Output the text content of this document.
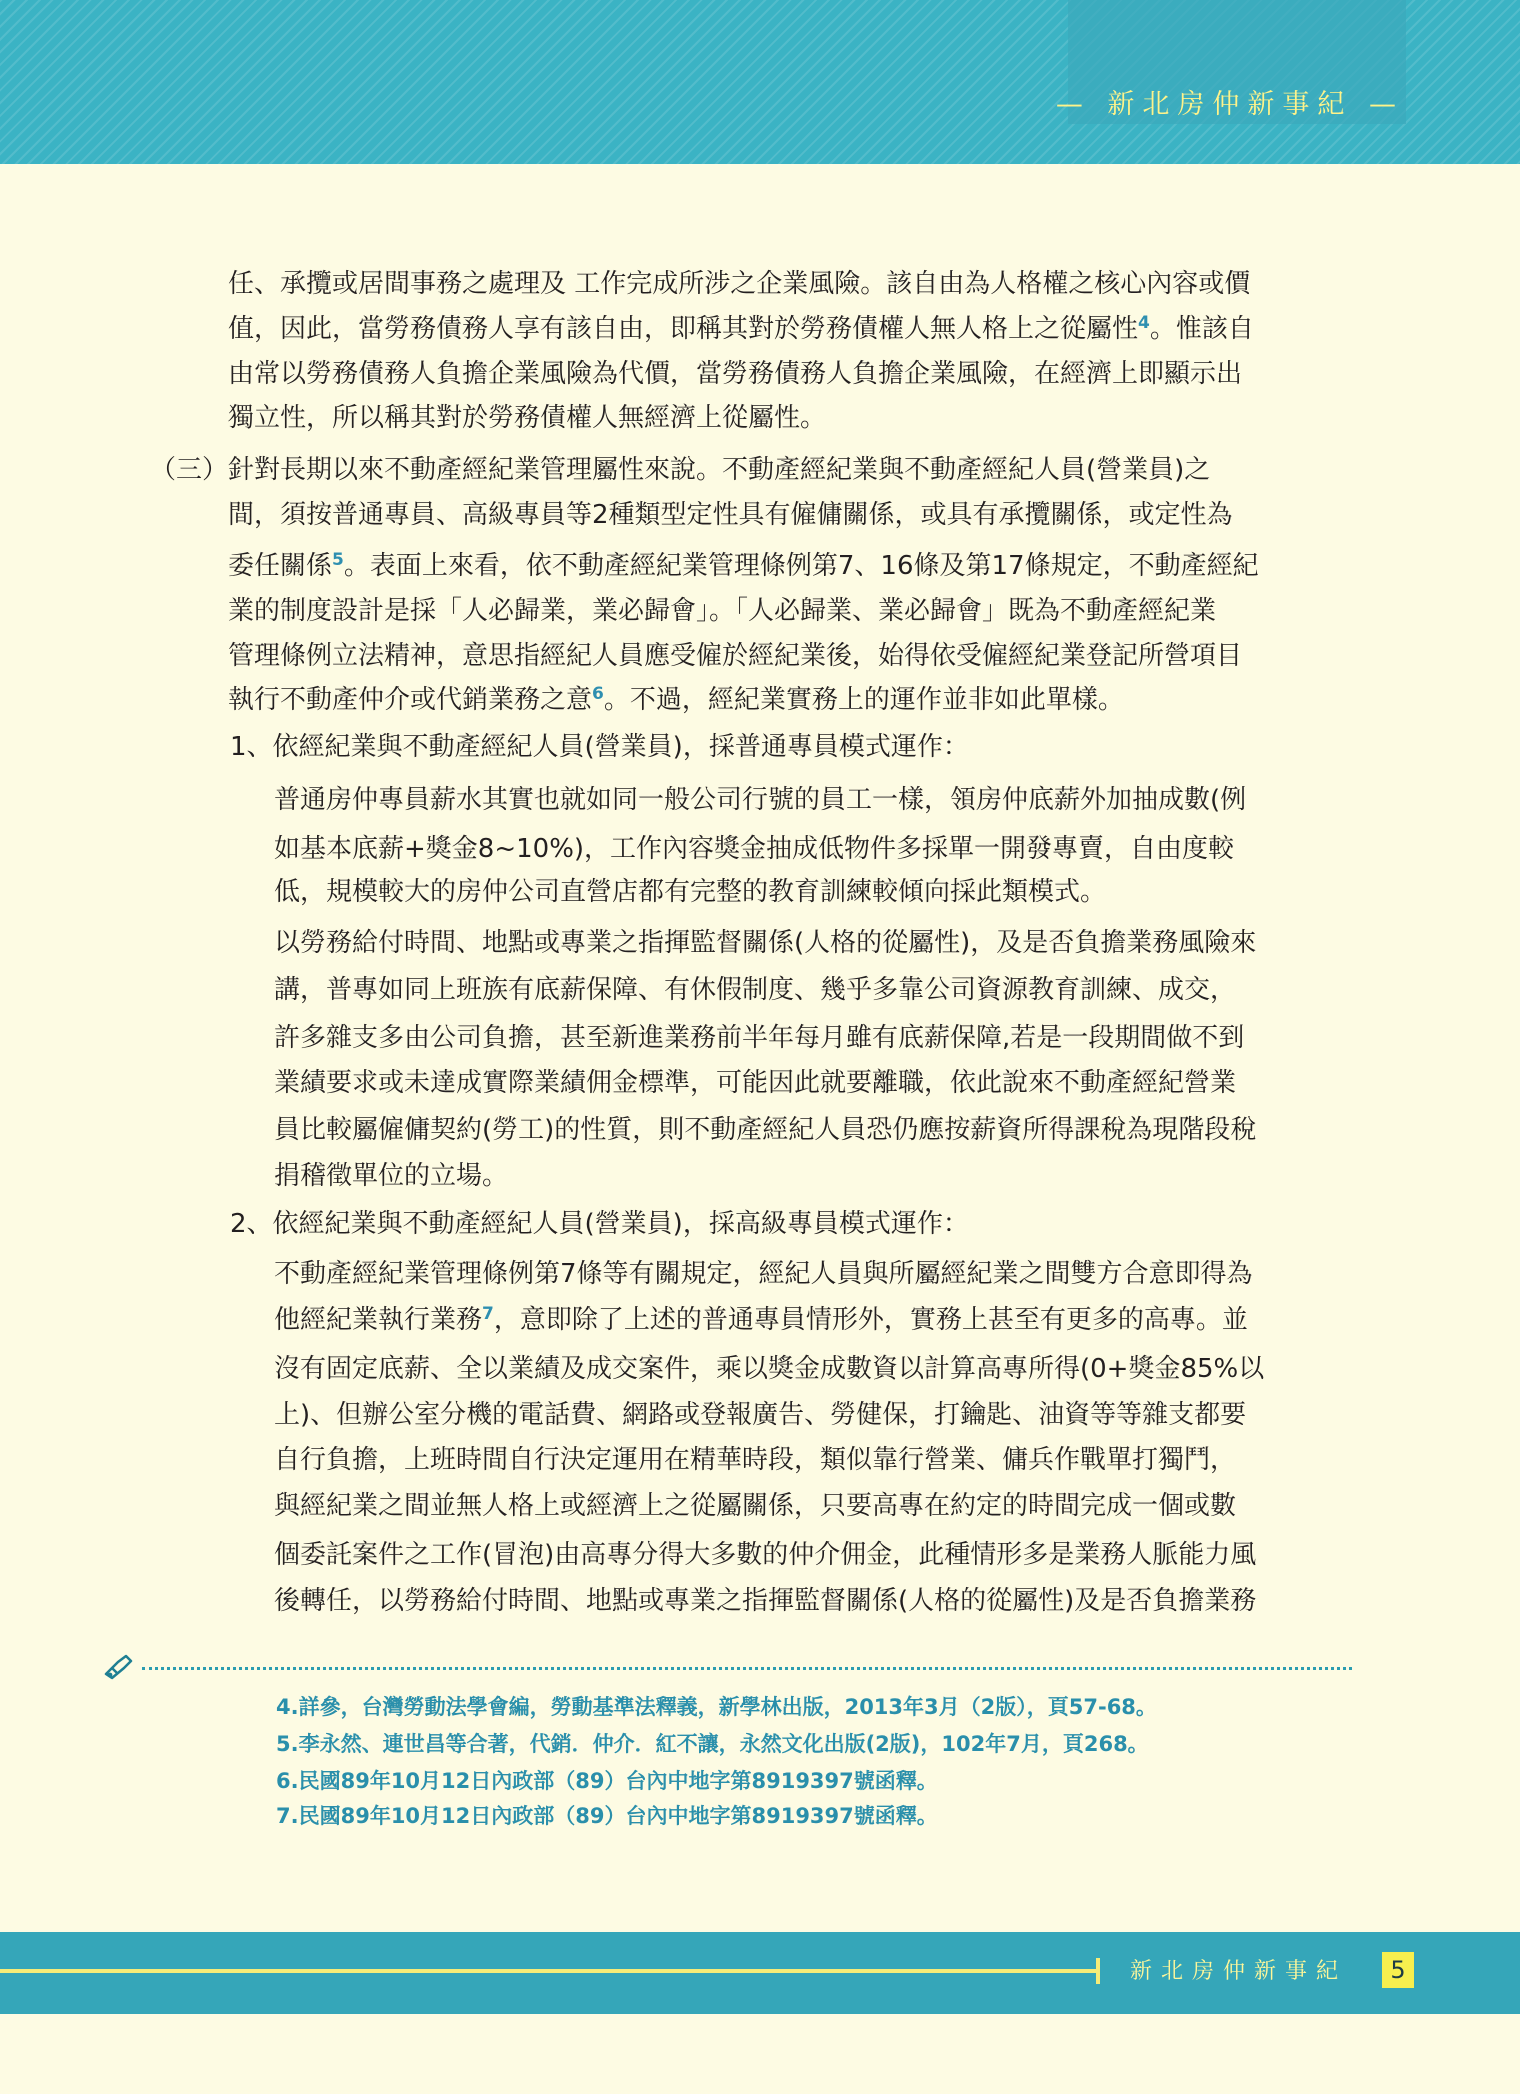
— 新北房仲新事紀 —
任、承攬或居間事務之處理及 工作完成所涉之企業風險。該自由為人格權之核心內容或價
值，因此，當勞務債務人享有該自由，即稱其對於勞務債權人無人格上之從屬性$^4$。惟該自
由常以勞務債務人負擔企業風險為代價，當勞務債務人負擔企業風險，在經濟上即顯示出
獨立性，所以稱其對於勞務債權人無經濟上從屬性。
（三） 針對長期以來不動產經紀業管理屬性來說。不動產經紀業與不動產經紀人員(營業員)之
間，須按普通專員、高級專員等2種類型定性具有僱傭關係，或具有承攬關係，或定性為
委任關係$^5$。表面上來看，依不動產經紀業管理條例第7、16條及第17條規定，不動產經紀
業的制度設計是採「人必歸業，業必歸會」。「人必歸業、業必歸會」既為不動產經紀業
管理條例立法精神，意思指經紀人員應受僱於經紀業後，始得依受僱經紀業登記所營項目
執行不動產仲介或代銷業務之意$^6$。不過，經紀業實務上的運作並非如此單樣。
1、依經紀業與不動產經紀人員(營業員)，採普通專員模式運作：
普通房仲專員薪水其實也就如同一般公司行號的員工一樣，領房仲底薪外加抽成數(例
如基本底薪+獎金8~10%)，工作內容獎金抽成低物件多採單一開發專賣，自由度較
低，規模較大的房仲公司直營店都有完整的教育訓練較傾向採此類模式。
以勞務給付時間、地點或專業之指揮監督關係(人格的從屬性)，及是否負擔業務風險來
講，普專如同上班族有底薪保障、有休假制度、幾乎多靠公司資源教育訓練、成交，
許多雜支多由公司負擔，甚至新進業務前半年每月雖有底薪保障,若是一段期間做不到
業績要求或未達成實際業績佣金標準，可能因此就要離職，依此說來不動產經紀營業
員比較屬僱傭契約(勞工)的性質，則不動產經紀人員恐仍應按薪資所得課稅為現階段稅
捐稽徵單位的立場。
2、依經紀業與不動產經紀人員(營業員)，採高級專員模式運作：
不動產經紀業管理條例第7條等有關規定，經紀人員與所屬經紀業之間雙方合意即得為
他經紀業執行業務$^7$，意即除了上述的普通專員情形外，實務上甚至有更多的高專。並
沒有固定底薪、全以業績及成交案件，乘以獎金成數資以計算高專所得(0+獎金85%以
上)、但辦公室分機的電話費、網路或登報廣告、勞健保，打鑰匙、油資等等雜支都要
自行負擔，上班時間自行決定運用在精華時段，類似靠行營業、傭兵作戰單打獨鬥，
與經紀業之間並無人格上或經濟上之從屬關係，只要高專在約定的時間完成一個或數
個委託案件之工作(冒泡)由高專分得大多數的仲介佣金，此種情形多是業務人脈能力風
後轉任，以勞務給付時間、地點或專業之指揮監督關係(人格的從屬性)及是否負擔業務
4.詳參，台灣勞動法學會編，勞動基準法釋義，新學林出版，2013年3月（2版），頁57-68。
5.李永然、連世昌等合著，代銷．仲介．紅不讓，永然文化出版(2版)，102年7月，頁268。
6.民國89年10月12日內政部（89）台內中地字第8919397號函釋。
7.民國89年10月12日內政部（89）台內中地字第8919397號函釋。
新北房仲新事紀	5
